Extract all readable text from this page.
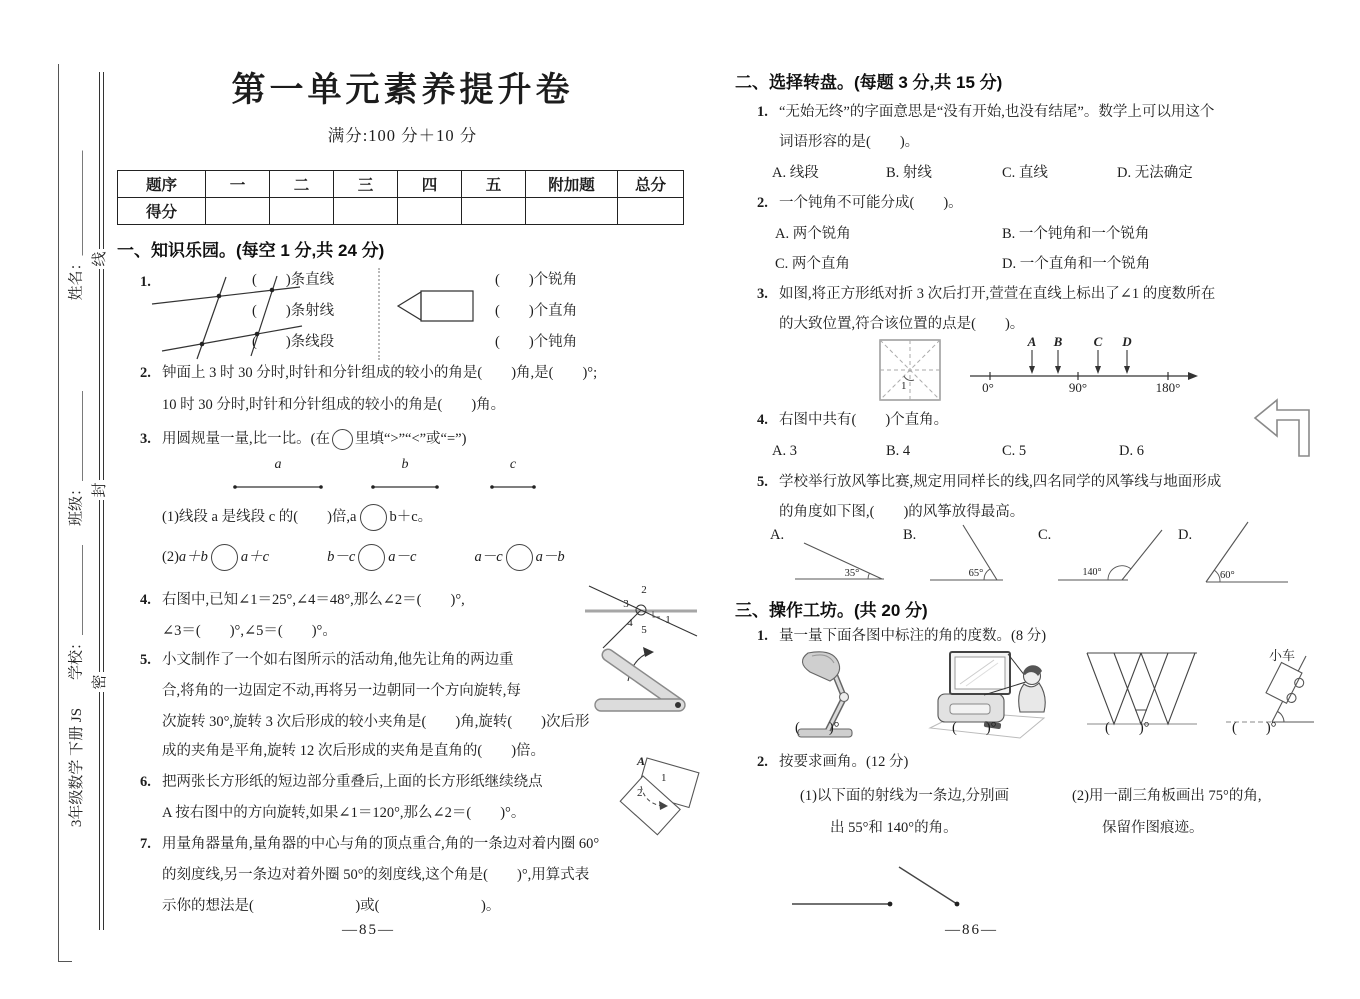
姓名：＿＿＿＿＿＿＿
班级：＿＿＿＿＿＿
学校：＿＿＿＿＿＿
3年级数学 下册 JS
线
封
密
第一单元素养提升卷
满分:100 分＋10 分
题序	一	二	三	四	五	附加题	总分
得分							
一、知识乐园。(每空 1 分,共 24 分)
1.	(　　)条直线
(　　)条射线
(　　)条线段
(　　)个锐角
(　　)个直角
(　　)个钝角
2. 钟面上 3 时 30 分时,时针和分针组成的较小的角是(　　)角,是(　　)°;
10 时 30 分时,时针和分针组成的较小的角是(　　)角。
3. 用圆规量一量,比一比。(在 里填“>”“<”或“=”)
a	b	c
(1)线段 a 是线段 c 的(　　)倍,a b＋c。
(2) a＋b a＋c	b－c a－c	a－c a－b
4. 右图中,已知∠1＝25°,∠4＝48°,那么∠2＝(　　)°,
∠3＝(　　)°,∠5＝(　　)°。
2
3
4
5
1
5. 小文制作了一个如右图所示的活动角,他先让角的两边重
合,将角的一边固定不动,再将另一边朝同一个方向旋转,每
次旋转 30°,旋转 3 次后形成的较小夹角是(　　)角,旋转(　　)次后形
成的夹角是平角,旋转 12 次后形成的夹角是直角的(　　)倍。
6. 把两张长方形纸的短边部分重叠后,上面的长方形纸继续绕点
A 按右图中的方向旋转,如果∠1＝120°,那么∠2＝(　　)°。
A
1
2
7. 用量角器量角,量角器的中心与角的顶点重合,角的一条边对着内圈 60°
的刻度线,另一条边对着外圈 50°的刻度线,这个角是(　　)°,用算式表
示你的想法是(　　　　　　　)或(　　　　　　　)。
—85—
二、选择转盘。(每题 3 分,共 15 分)
1. “无始无终”的字面意思是“没有开始,也没有结尾”。数学上可以用这个
词语形容的是(　　)。
A. 线段	B. 射线	C. 直线	D. 无法确定
2. 一个钝角不可能分成(　　)。
A. 两个锐角	B. 一个钝角和一个锐角
C. 两个直角	D. 一个直角和一个锐角
3. 如图,将正方形纸对折 3 次后打开,萱萱在直线上标出了∠1 的度数所在
的大致位置,符合该位置的点是(　　)。
1	0°	90°	180°
A B C D
4. 右图中共有(　　)个直角。
A. 3	B. 4	C. 5	D. 6
5. 学校举行放风筝比赛,规定用同样长的线,四名同学的风筝线与地面形成
的角度如下图,(　　)的风筝放得最高。
A.
35°
B.
65°
C.
140°
D.
60°
三、操作工坊。(共 20 分)
1. 量一量下面各图中标注的角的度数。(8 分)
小车
(　　)°	(　　)°	(　　)°	(　　)°
2. 按要求画角。(12 分)
(1)以下面的射线为一条边,分别画
出 55°和 140°的角。
(2)用一副三角板画出 75°的角,
保留作图痕迹。
—86—
